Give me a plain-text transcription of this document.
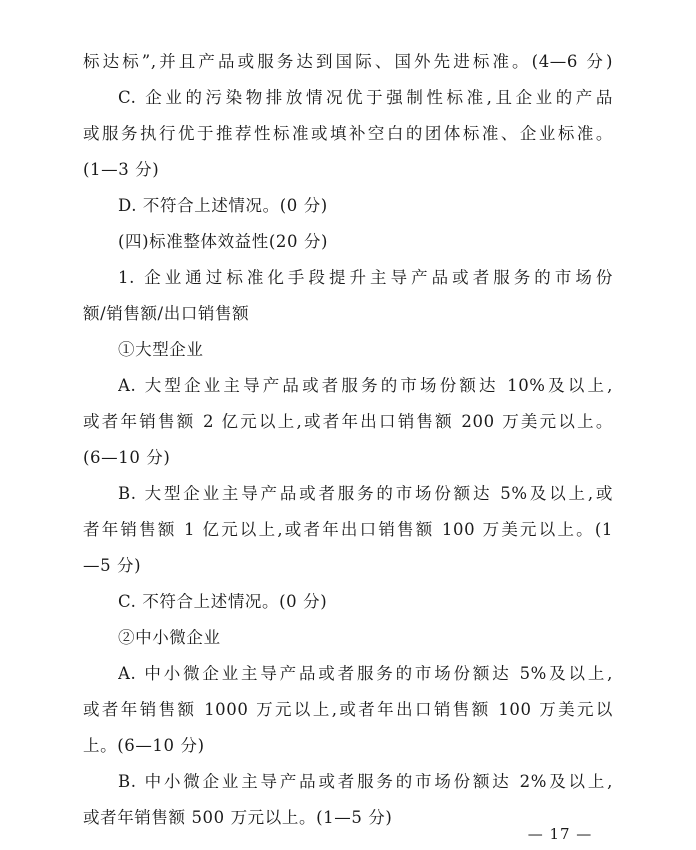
标达标”,并且产品或服务达到国际、国外先进标准。(4—6 分)
C. 企业的污染物排放情况优于强制性标准,且企业的产品
或服务执行优于推荐性标准或填补空白的团体标准、企业标准。
(1—3 分)
D. 不符合上述情况。(0 分)
(四)标准整体效益性(20 分)
1. 企业通过标准化手段提升主导产品或者服务的市场份
额/销售额/出口销售额
①大型企业
A. 大型企业主导产品或者服务的市场份额达 10%及以上,
或者年销售额 2 亿元以上,或者年出口销售额 200 万美元以上。
(6—10 分)
B. 大型企业主导产品或者服务的市场份额达 5%及以上,或
者年销售额 1 亿元以上,或者年出口销售额 100 万美元以上。(1
—5 分)
C. 不符合上述情况。(0 分)
②中小微企业
A. 中小微企业主导产品或者服务的市场份额达 5%及以上,
或者年销售额 1000 万元以上,或者年出口销售额 100 万美元以
上。(6—10 分)
B. 中小微企业主导产品或者服务的市场份额达 2%及以上,
或者年销售额 500 万元以上。(1—5 分)
— 17 —
